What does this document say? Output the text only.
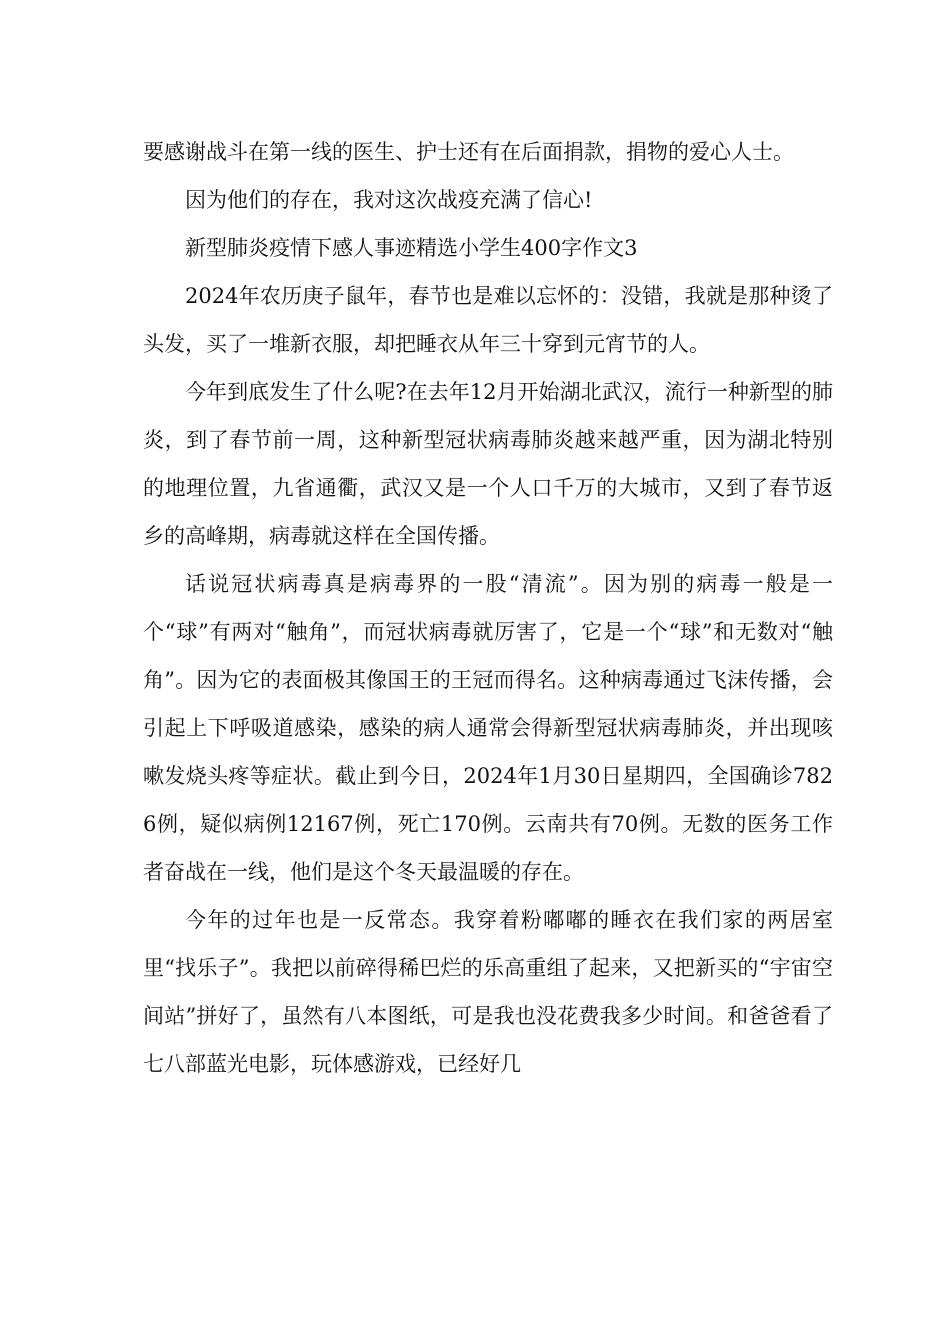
要感谢战斗在第一线的医生、护士还有在后面捐款，捐物的爱心人士。

因为他们的存在，我对这次战疫充满了信心!

新型肺炎疫情下感人事迹精选小学生400字作文3

2024年农历庚子鼠年，春节也是难以忘怀的：没错，我就是那种烫了头发，买了一堆新衣服，却把睡衣从年三十穿到元宵节的人。

今年到底发生了什么呢?在去年12月开始湖北武汉，流行一种新型的肺炎，到了春节前一周，这种新型冠状病毒肺炎越来越严重，因为湖北特别的地理位置，九省通衢，武汉又是一个人口千万的大城市，又到了春节返乡的高峰期，病毒就这样在全国传播。

话说冠状病毒真是病毒界的一股“清流”。因为别的病毒一般是一个“球”有两对“触角”，而冠状病毒就厉害了，它是一个“球”和无数对“触角”。因为它的表面极其像国王的王冠而得名。这种病毒通过飞沫传播，会引起上下呼吸道感染，感染的病人通常会得新型冠状病毒肺炎，并出现咳嗽发烧头疼等症状。截止到今日，2024年1月30日星期四，全国确诊7826例，疑似病例12167例，死亡170例。云南共有70例。无数的医务工作者奋战在一线，他们是这个冬天最温暖的存在。

今年的过年也是一反常态。我穿着粉嘟嘟的睡衣在我们家的两居室里“找乐子”。我把以前碎得稀巴烂的乐高重组了起来，又把新买的“宇宙空间站”拼好了，虽然有八本图纸，可是我也没花费我多少时间。和爸爸看了七八部蓝光电影，玩体感游戏，已经好几
